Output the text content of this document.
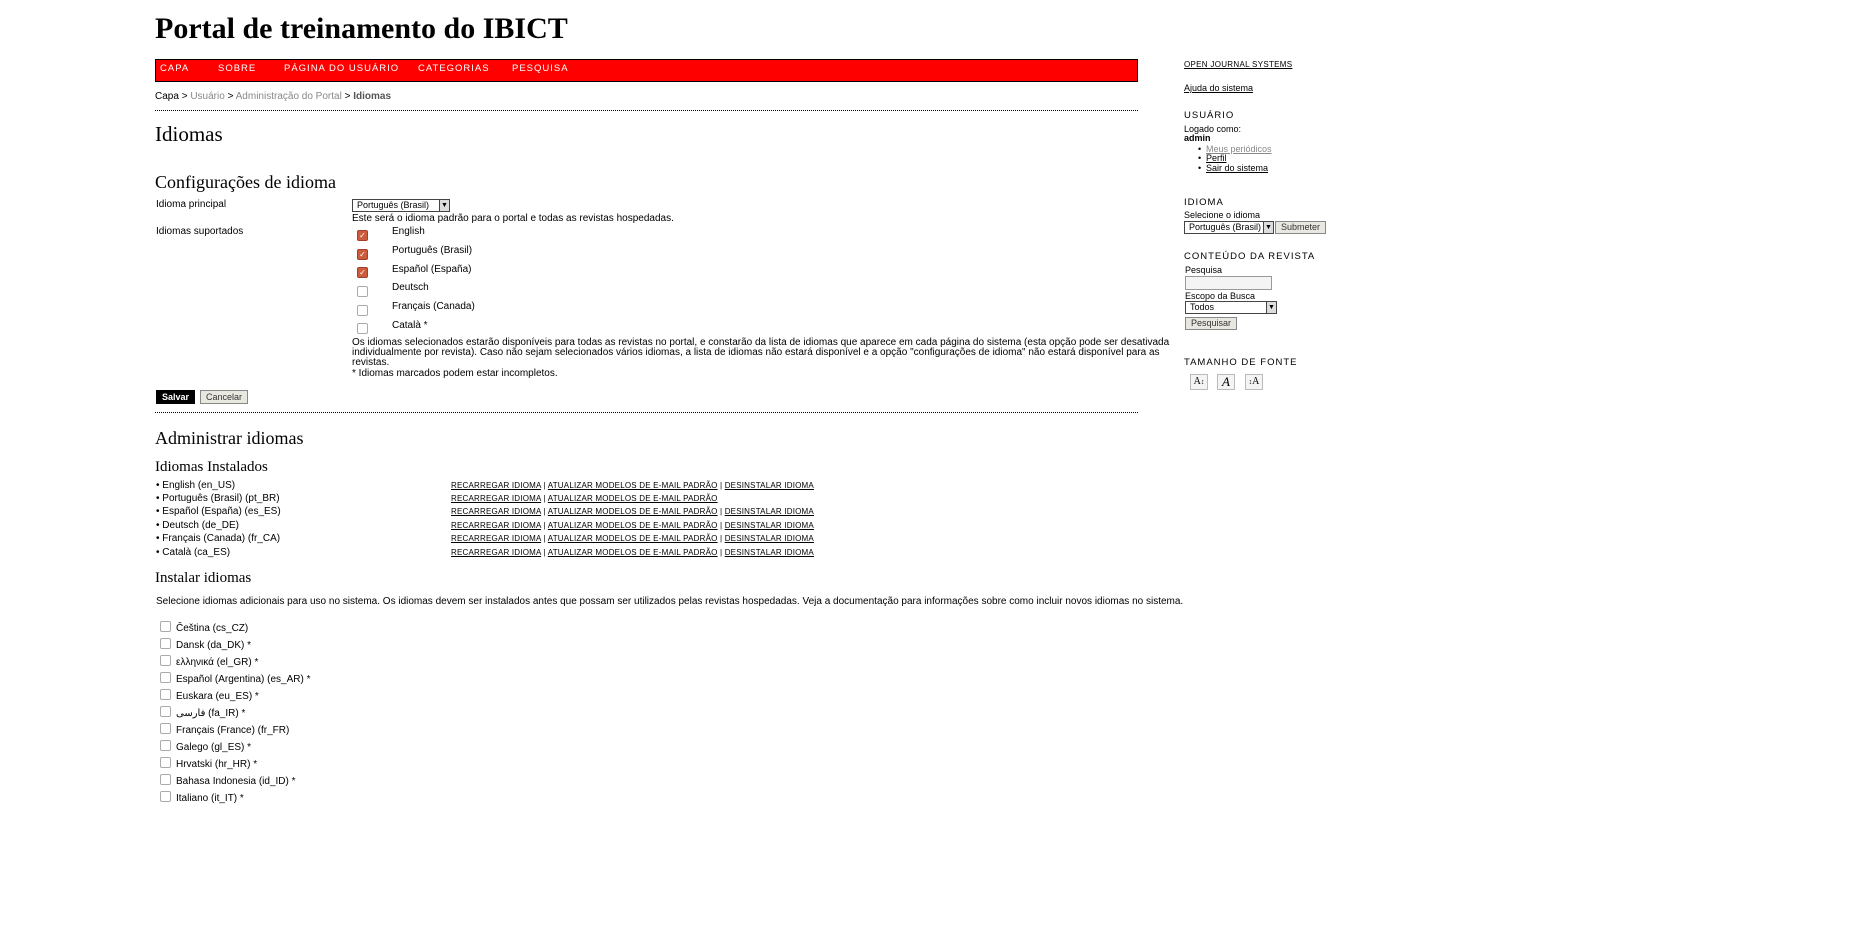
Portal de treinamento do IBICT
CAPA	SOBRE	PÁGINA DO USUÁRIO CATEGORIAS PESQUISA
Capa > Usuário > Administração do Portal > Idiomas
Idiomas
Configurações de idioma
Idioma principal	Português (Brasil) ▼
Este será o idioma padrão para o portal e todas as revistas hospedadas.
Idiomas suportados	✓	English
✓	Português (Brasil)
✓	Español (España)
Deutsch
Français (Canada)
Català *
Os idiomas selecionados estarão disponíveis para todas as revistas no portal, e constarão da lista de idiomas que aparece em cada página do sistema (esta opção pode ser desativada
individualmente por revista). Caso não sejam selecionados vários idiomas, a lista de idiomas não estará disponível e a opção "configurações de idioma" não estará disponível para as
revistas.
* Idiomas marcados podem estar incompletos.
Salvar	Cancelar
Administrar idiomas
Idiomas Instalados
• English (en_US)	RECARREGAR IDIOMA | ATUALIZAR MODELOS DE E-MAIL PADRÃO | DESINSTALAR IDIOMA
• Português (Brasil) (pt_BR)	RECARREGAR IDIOMA | ATUALIZAR MODELOS DE E-MAIL PADRÃO
• Español (España) (es_ES)	RECARREGAR IDIOMA | ATUALIZAR MODELOS DE E-MAIL PADRÃO | DESINSTALAR IDIOMA
• Deutsch (de_DE)	RECARREGAR IDIOMA | ATUALIZAR MODELOS DE E-MAIL PADRÃO | DESINSTALAR IDIOMA
• Français (Canada) (fr_CA)	RECARREGAR IDIOMA | ATUALIZAR MODELOS DE E-MAIL PADRÃO | DESINSTALAR IDIOMA
• Català (ca_ES)	RECARREGAR IDIOMA | ATUALIZAR MODELOS DE E-MAIL PADRÃO | DESINSTALAR IDIOMA
Instalar idiomas
Selecione idiomas adicionais para uso no sistema. Os idiomas devem ser instalados antes que possam ser utilizados pelas revistas hospedadas. Veja a documentação para informações sobre como incluir novos idiomas no sistema.
Čeština (cs_CZ)
Dansk (da_DK) *
ελληνικά (el_GR) *
Español (Argentina) (es_AR) *
Euskara (eu_ES) *
فارسی (fa_IR) *
Français (France) (fr_FR)
Galego (gl_ES) *
Hrvatski (hr_HR) *
Bahasa Indonesia (id_ID) *
Italiano (it_IT) *
OPEN JOURNAL SYSTEMS
Ajuda do sistema
USUÁRIO
Logado como:
admin
• Meus periódicos
• Perfil
• Sair do sistema
IDIOMA
Selecione o idioma
Português (Brasil) ▼	Submeter
CONTEÚDO DA REVISTA
Pesquisa
Escopo da Busca
Todos	▼
Pesquisar
TAMANHO DE FONTE
A↕	A	↕A
